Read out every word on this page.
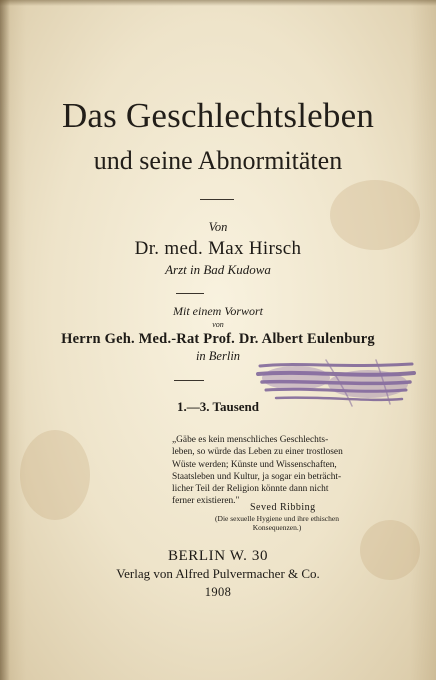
Das Geschlechtsleben
und seine Abnormitäten
Von
Dr. med. Max Hirsch
Arzt in Bad Kudowa
Mit einem Vorwort
von
Herrn Geh. Med.-Rat Prof. Dr. Albert Eulenburg
in Berlin
1.—3. Tausend
„Gäbe es kein menschliches Geschlechts-
leben, so würde das Leben zu einer trostlosen
Wüste werden; Künste und Wissenschaften,
Staatsleben und Kultur, ja sogar ein beträcht-
licher Teil der Religion könnte dann nicht
ferner existieren."
Seved Ribbing
(Die sexuelle Hygiene und ihre ethischen
Konsequenzen.)
BERLIN W. 30
Verlag von Alfred Pulvermacher & Co.
1908
